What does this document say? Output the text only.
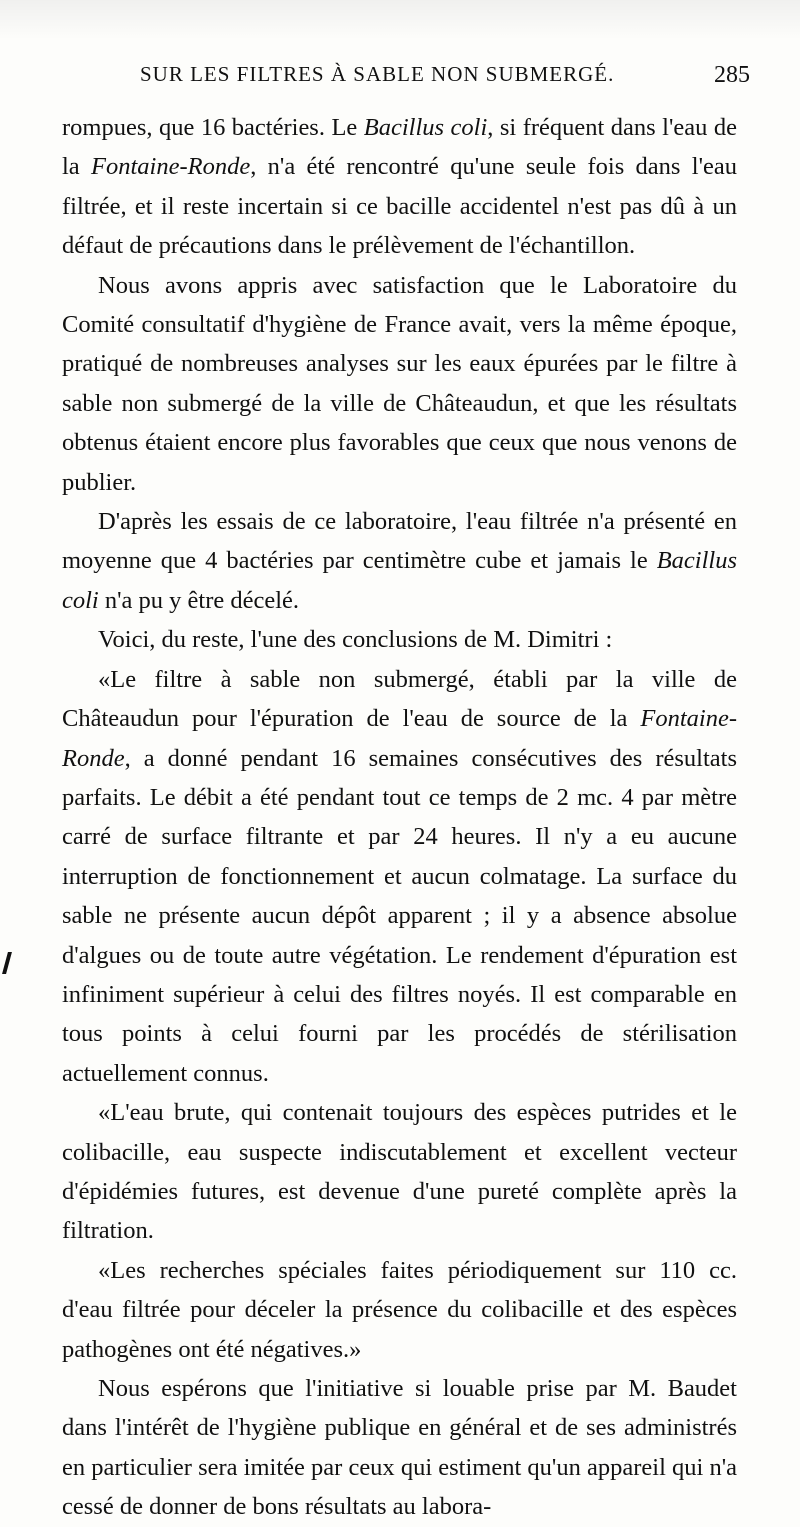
SUR LES FILTRES À SABLE NON SUBMERGÉ.	285

rompues, que 16 bactéries. Le Bacillus coli, si fréquent dans l'eau de la Fontaine-Ronde, n'a été rencontré qu'une seule fois dans l'eau filtrée, et il reste incertain si ce bacille accidentel n'est pas dû à un défaut de précautions dans le prélèvement de l'échantillon.

Nous avons appris avec satisfaction que le Laboratoire du Comité consultatif d'hygiène de France avait, vers la même époque, pratiqué de nombreuses analyses sur les eaux épurées par le filtre à sable non submergé de la ville de Châteaudun, et que les résultats obtenus étaient encore plus favorables que ceux que nous venons de publier.

D'après les essais de ce laboratoire, l'eau filtrée n'a présenté en moyenne que 4 bactéries par centimètre cube et jamais le Bacillus coli n'a pu y être décelé.

Voici, du reste, l'une des conclusions de M. Dimitri :

«Le filtre à sable non submergé, établi par la ville de Châteaudun pour l'épuration de l'eau de source de la Fontaine-Ronde, a donné pendant 16 semaines consécutives des résultats parfaits. Le débit a été pendant tout ce temps de 2 mc. 4 par mètre carré de surface filtrante et par 24 heures. Il n'y a eu aucune interruption de fonctionnement et aucun colmatage. La surface du sable ne présente aucun dépôt apparent ; il y a absence absolue d'algues ou de toute autre végétation. Le rendement d'épuration est infiniment supérieur à celui des filtres noyés. Il est comparable en tous points à celui fourni par les procédés de stérilisation actuellement connus.

«L'eau brute, qui contenait toujours des espèces putrides et le colibacille, eau suspecte indiscutablement et excellent vecteur d'épidémies futures, est devenue d'une pureté complète après la filtration.

«Les recherches spéciales faites périodiquement sur 110 cc. d'eau filtrée pour déceler la présence du colibacille et des espèces pathogènes ont été négatives.»

Nous espérons que l'initiative si louable prise par M. Baudet dans l'intérêt de l'hygiène publique en général et de ses administrés en particulier sera imitée par ceux qui estiment qu'un appareil qui n'a cessé de donner de bons résultats au labora-
